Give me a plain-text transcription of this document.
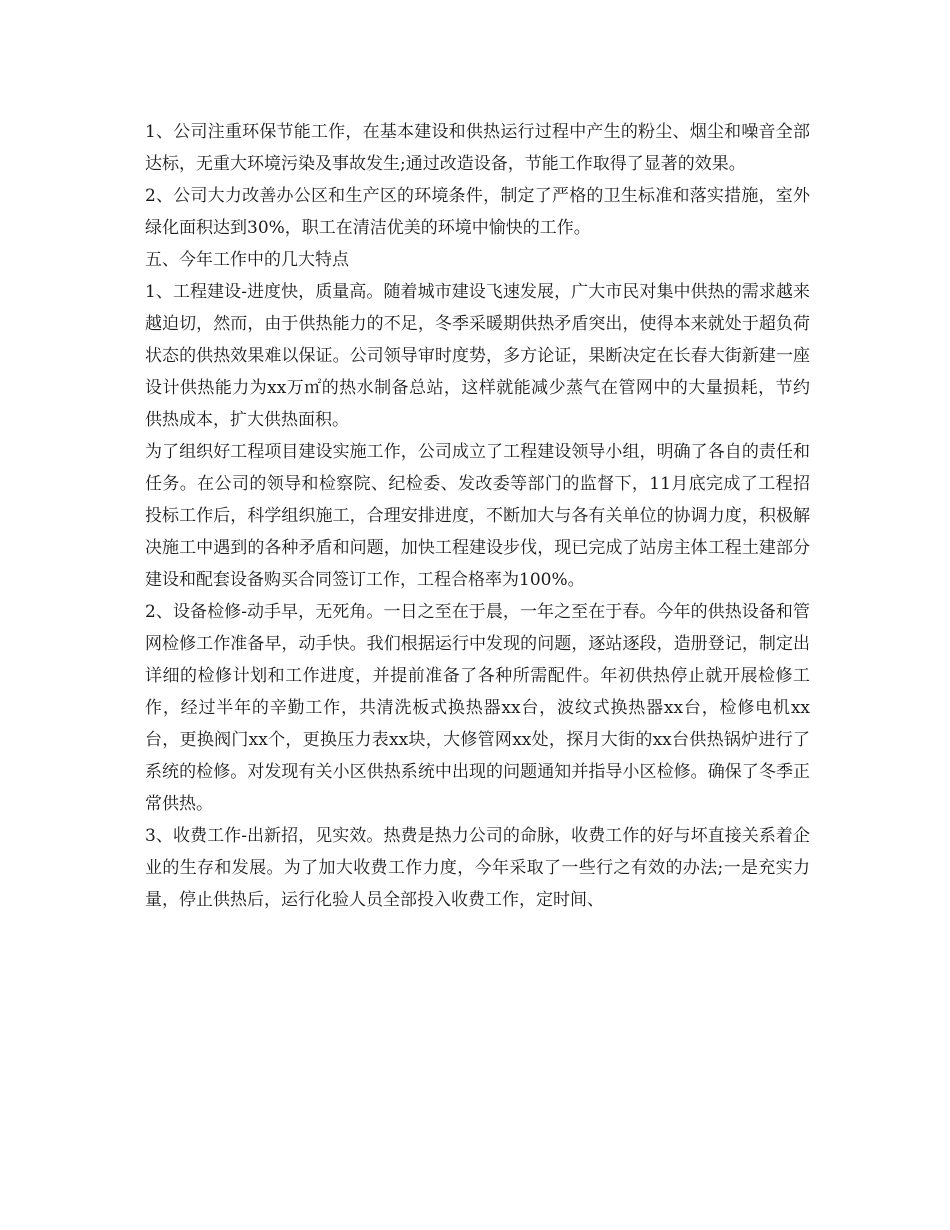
1、公司注重环保节能工作，在基本建设和供热运行过程中产生的粉尘、烟尘和噪音全部达标，无重大环境污染及事故发生;通过改造设备，节能工作取得了显著的效果。

2、公司大力改善办公区和生产区的环境条件，制定了严格的卫生标准和落实措施，室外绿化面积达到30%，职工在清洁优美的环境中愉快的工作。

五、今年工作中的几大特点

1、工程建设-进度快，质量高。随着城市建设飞速发展，广大市民对集中供热的需求越来越迫切，然而，由于供热能力的不足，冬季采暖期供热矛盾突出，使得本来就处于超负荷状态的供热效果难以保证。公司领导审时度势，多方论证，果断决定在长春大街新建一座设计供热能力为xx万㎡的热水制备总站，这样就能减少蒸气在管网中的大量损耗，节约供热成本，扩大供热面积。

为了组织好工程项目建设实施工作，公司成立了工程建设领导小组，明确了各自的责任和任务。在公司的领导和检察院、纪检委、发改委等部门的监督下，11月底完成了工程招投标工作后，科学组织施工，合理安排进度，不断加大与各有关单位的协调力度，积极解决施工中遇到的各种矛盾和问题，加快工程建设步伐，现已完成了站房主体工程土建部分建设和配套设备购买合同签订工作，工程合格率为100%。

2、设备检修-动手早，无死角。一日之至在于晨，一年之至在于春。今年的供热设备和管网检修工作准备早，动手快。我们根据运行中发现的问题，逐站逐段，造册登记，制定出详细的检修计划和工作进度，并提前准备了各种所需配件。年初供热停止就开展检修工作，经过半年的辛勤工作，共清洗板式换热器xx台，波纹式换热器xx台，检修电机xx台，更换阀门xx个，更换压力表xx块，大修管网xx处，探月大街的xx台供热锅炉进行了系统的检修。对发现有关小区供热系统中出现的问题通知并指导小区检修。确保了冬季正常供热。

3、收费工作-出新招，见实效。热费是热力公司的命脉，收费工作的好与坏直接关系着企业的生存和发展。为了加大收费工作力度，今年采取了一些行之有效的办法;一是充实力量，停止供热后，运行化验人员全部投入收费工作，定时间、
